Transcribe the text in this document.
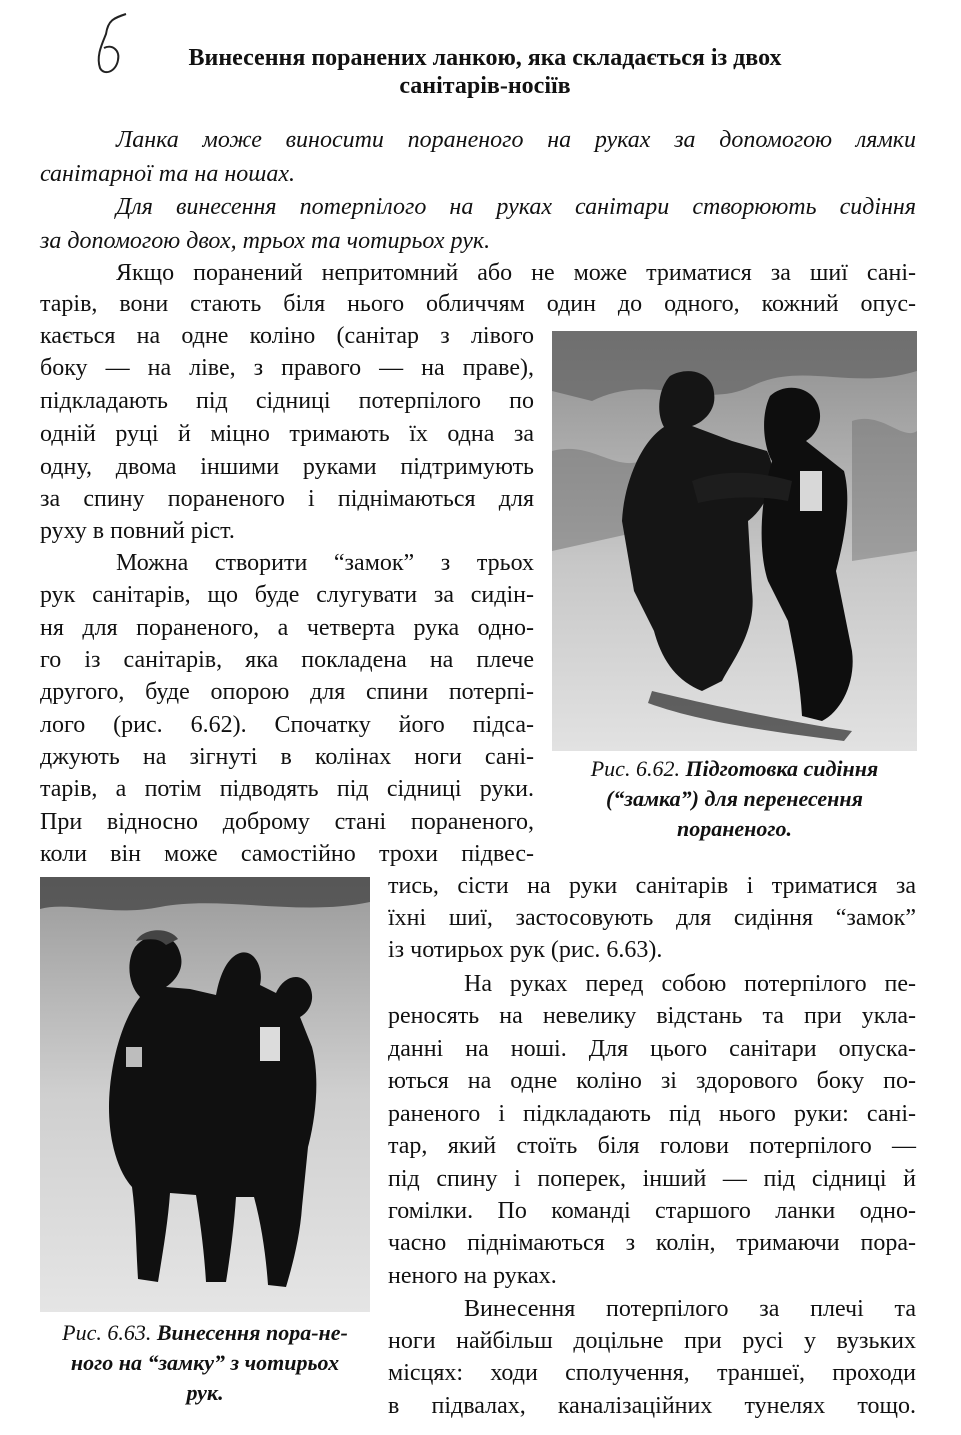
Винесення поранених ланкою, яка складається із двох
санітарів-носіїв
Ланка може виносити пораненого на руках за допомогою лямки
санітарної та на ношах.
Для винесення потерпілого на руках санітари створюють сидіння
за допомогою двох, трьох та чотирьох рук.
Якщо поранений непритомний або не може триматися за шиї сані-
тарів, вони стають біля нього обличчям один до одного, кожний опус-
кається на одне коліно (санітар з лівого
боку — на ліве, з правого — на праве),
підкладають під сідниці потерпілого по
одній руці й міцно тримають їх одна за
одну, двома іншими руками підтримують
за спину пораненого і піднімаються для
руху в повний ріст.
Можна створити “замок” з трьох
рук санітарів, що буде слугувати за сидін-
ня для пораненого, а четверта рука одно-
го із санітарів, яка покладена на плече
другого, буде опорою для спини потерпі-
лого (рис. 6.62). Спочатку його підса-
джують на зігнуті в колінах ноги сані-
тарів, а потім підводять під сідниці руки.
При відносно доброму стані пораненого,
коли він може самостійно трохи підвес-
Рис. 6.62. Підготовка сидіння
(“замка”) для перенесення
пораненого.
Рис. 6.63. Винесення пора-не-
ного на “замку” з чотирьох
рук.
тись, сісти на руки санітарів і триматися за
їхні шиї, застосовують для сидіння “замок”
із чотирьох рук (рис. 6.63).
На руках перед собою потерпілого пе-
реносять на невелику відстань та при укла-
данні на ноші. Для цього санітари опуска-
ються на одне коліно зі здорового боку по-
раненого і підкладають під нього руки: сані-
тар, який стоїть біля голови потерпілого —
під спину і поперек, інший — під сідниці й
гомілки. По команді старшого ланки одно-
часно піднімаються з колін, тримаючи пора-
неного на руках.
Винесення потерпілого за плечі та
ноги найбільш доцільне при русі у вузьких
місцях: ходи сполучення, траншеї, проходи
в підвалах, каналізаційних тунелях тощо.
